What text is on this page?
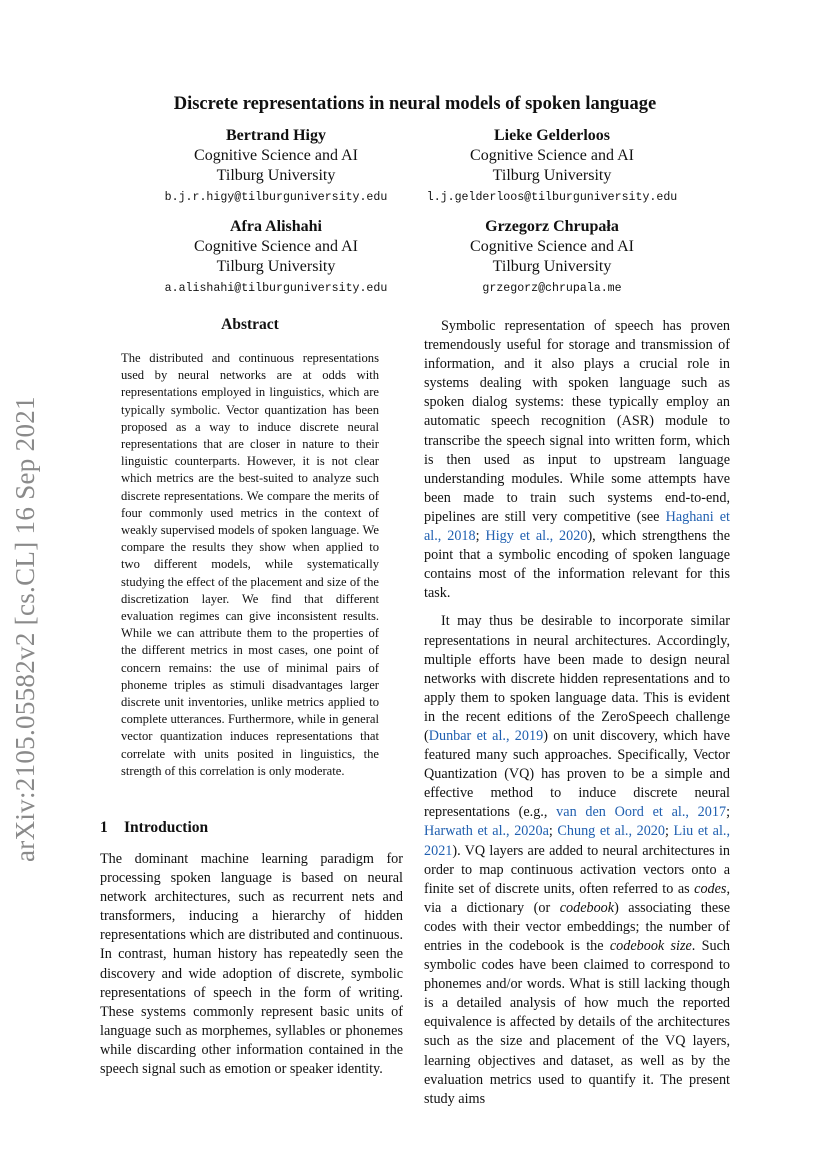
arXiv:2105.05582v2 [cs.CL] 16 Sep 2021
Discrete representations in neural models of spoken language
Bertrand Higy
Cognitive Science and AI
Tilburg University
b.j.r.higy@tilburguniversity.edu
Lieke Gelderloos
Cognitive Science and AI
Tilburg University
l.j.gelderloos@tilburguniversity.edu
Afra Alishahi
Cognitive Science and AI
Tilburg University
a.alishahi@tilburguniversity.edu
Grzegorz Chrupała
Cognitive Science and AI
Tilburg University
grzegorz@chrupala.me
Abstract
The distributed and continuous representations used by neural networks are at odds with representations employed in linguistics, which are typically symbolic. Vector quantization has been proposed as a way to induce discrete neural representations that are closer in nature to their linguistic counterparts. However, it is not clear which metrics are the best-suited to analyze such discrete representations. We compare the merits of four commonly used metrics in the context of weakly supervised models of spoken language. We compare the results they show when applied to two different models, while systematically studying the effect of the placement and size of the discretization layer. We find that different evaluation regimes can give inconsistent results. While we can attribute them to the properties of the different metrics in most cases, one point of concern remains: the use of minimal pairs of phoneme triples as stimuli disadvantages larger discrete unit inventories, unlike metrics applied to complete utterances. Furthermore, while in general vector quantization induces representations that correlate with units posited in linguistics, the strength of this correlation is only moderate.
1 Introduction
The dominant machine learning paradigm for processing spoken language is based on neural network architectures, such as recurrent nets and transformers, inducing a hierarchy of hidden representations which are distributed and continuous. In contrast, human history has repeatedly seen the discovery and wide adoption of discrete, symbolic representations of speech in the form of writing. These systems commonly represent basic units of language such as morphemes, syllables or phonemes while discarding other information contained in the speech signal such as emotion or speaker identity.

Symbolic representation of speech has proven tremendously useful for storage and transmission of information, and it also plays a crucial role in systems dealing with spoken language such as spoken dialog systems: these typically employ an automatic speech recognition (ASR) module to transcribe the speech signal into written form, which is then used as input to upstream language understanding modules. While some attempts have been made to train such systems end-to-end, pipelines are still very competitive (see Haghani et al., 2018; Higy et al., 2020), which strengthens the point that a symbolic encoding of spoken language contains most of the information relevant for this task.

It may thus be desirable to incorporate similar representations in neural architectures. Accordingly, multiple efforts have been made to design neural networks with discrete hidden representations and to apply them to spoken language data. This is evident in the recent editions of the ZeroSpeech challenge (Dunbar et al., 2019) on unit discovery, which have featured many such approaches. Specifically, Vector Quantization (VQ) has proven to be a simple and effective method to induce discrete neural representations (e.g., van den Oord et al., 2017; Harwath et al., 2020a; Chung et al., 2020; Liu et al., 2021). VQ layers are added to neural architectures in order to map continuous activation vectors onto a finite set of discrete units, often referred to as codes, via a dictionary (or codebook) associating these codes with their vector embeddings; the number of entries in the codebook is the codebook size. Such symbolic codes have been claimed to correspond to phonemes and/or words. What is still lacking though is a detailed analysis of how much the reported equivalence is affected by details of the architectures such as the size and placement of the VQ layers, learning objectives and dataset, as well as by the evaluation metrics used to quantify it. The present study aims
